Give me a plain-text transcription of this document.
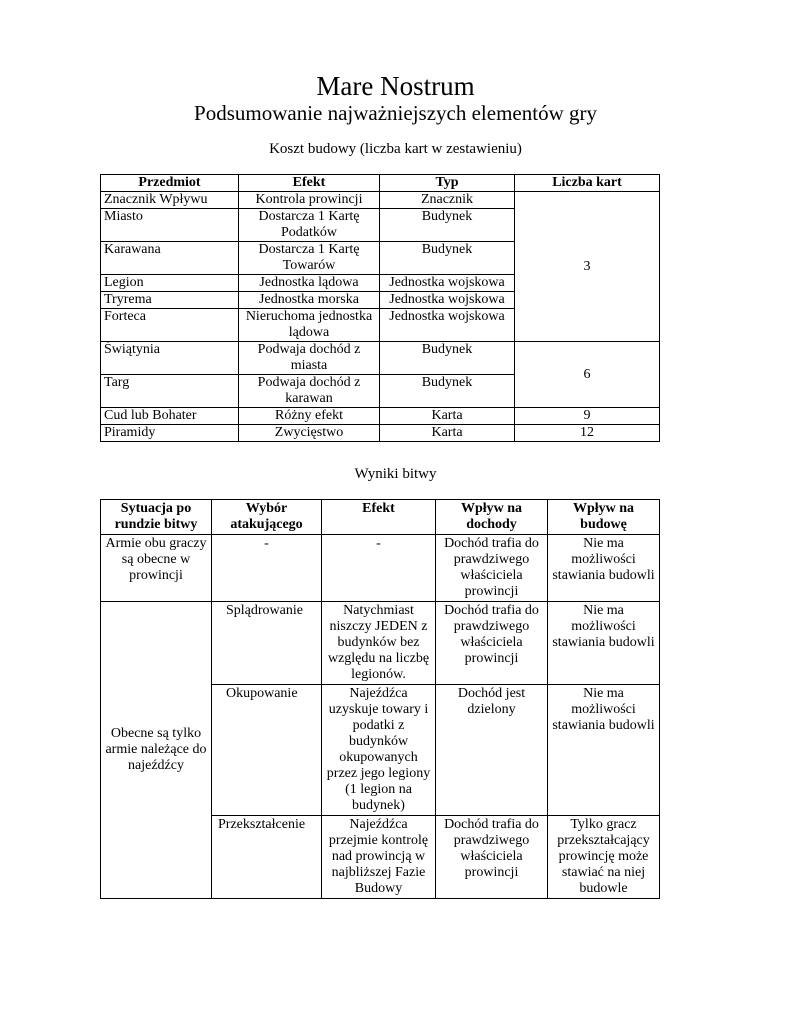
Mare Nostrum
Podsumowanie najważniejszych elementów gry
Koszt budowy (liczba kart w zestawieniu)
Przedmiot	Efekt	Typ	Liczba kart
Znacznik Wpływu	Kontrola prowincji	Znacznik	3
Miasto	Dostarcza 1 Kartę Podatków	Budynek	
Karawana	Dostarcza 1 Kartę Towarów	Budynek	
Legion	Jednostka lądowa	Jednostka wojskowa	
Tryrema	Jednostka morska	Jednostka wojskowa	
Forteca	Nieruchoma jednostka lądowa	Jednostka wojskowa	
Świątynia	Podwaja dochód z miasta	Budynek	6
Targ	Podwaja dochód z karawan	Budynek	
Cud lub Bohater	Różny efekt	Karta	9
Piramidy	Zwycięstwo	Karta	12
Wyniki bitwy
Sytuacja po rundzie bitwy	Wybór atakującego	Efekt	Wpływ na dochody	Wpływ na budowę
Armie obu graczy są obecne w prowincji	-	-	Dochód trafia do prawdziwego właściciela prowincji	Nie ma możliwości stawiania budowli
Obecne są tylko armie należące do najeźdźcy	Splądrowanie	Natychmiast niszczy JEDEN z budynków bez względu na liczbę legionów.	Dochód trafia do prawdziwego właściciela prowincji	Nie ma możliwości stawiania budowli
	Okupowanie	Najeźdźca uzyskuje towary i podatki z budynków okupowanych przez jego legiony (1 legion na budynek)	Dochód jest dzielony	Nie ma możliwości stawiania budowli
	Przekształcenie	Najeźdźca przejmie kontrolę nad prowincją w najbliższej Fazie Budowy	Dochód trafia do prawdziwego właściciela prowincji	Tylko gracz przekształcający prowincję może stawiać na niej budowle
